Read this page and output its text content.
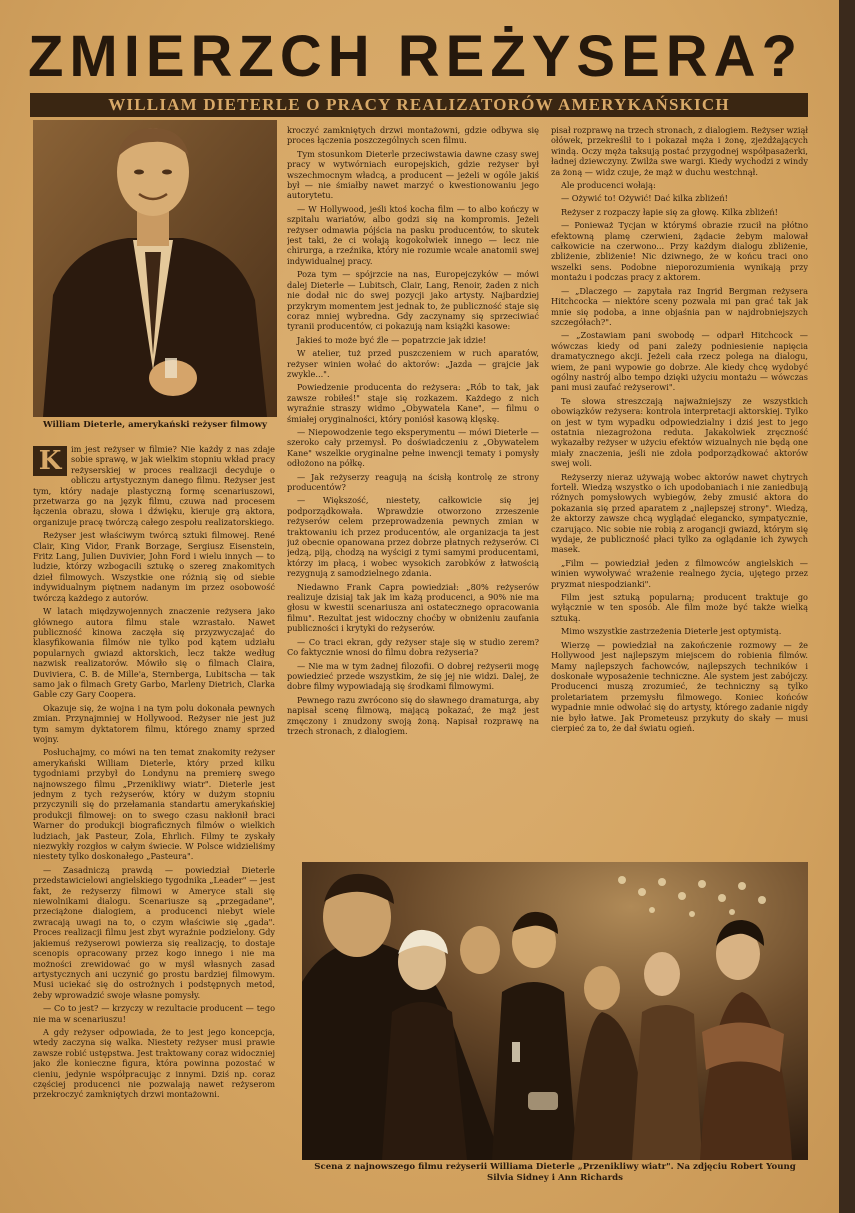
ZMIERZCH REŻYSERA?
WILLIAM DIETERLE O PRACY REALIZATORÓW AMERYKAŃSKICH
William Dieterle, amerykański reżyser filmowy
K	im jest reżyser w filmie? Nie każdy z nas zdaje sobie sprawę, w jak wielkim stopniu wkład pracy reżyserskiej w proces realizacji decyduje o obliczu artystycznym danego filmu. Reżyser jest tym, który nadaje plastyczną formę scenariuszowi, przetwarza go na język filmu, czuwa nad procesem łączenia obrazu, słowa i dźwięku, kieruje grą aktora, organizuje pracę twórczą całego zespołu realizatorskiego.

Reżyser jest właściwym twórcą sztuki filmowej. René Clair, King Vidor, Frank Borzage, Sergiusz Eisenstein, Fritz Lang, Julien Duvivier, John Ford i wielu innych — to ludzie, którzy wzbogacili sztukę o szereg znakomitych dzieł filmowych. Wszystkie one różnią się od siebie indywidualnym piętnem nadanym im przez osobowość twórczą każdego z autorów.

W latach międzywojennych znaczenie reżysera jako głównego autora filmu stale wzrastało. Nawet publiczność kinowa zaczęła się przyzwyczajać do klasyfikowania filmów nie tylko pod kątem udziału popularnych gwiazd aktorskich, lecz także według nazwisk realizatorów. Mówiło się o filmach Claira, Duviviera, C. B. de Mille'a, Sternberga, Lubitscha — tak samo jak o filmach Grety Garbo, Marleny Dietrich, Clarka Gable czy Gary Coopera.

Okazuje się, że wojna i na tym polu dokonała pewnych zmian. Przynajmniej w Hollywood. Reżyser nie jest już tym samym dyktatorem filmu, którego znamy sprzed wojny.

Posłuchajmy, co mówi na ten temat znakomity reżyser amerykański William Dieterle, który przed kilku tygodniami przybył do Londynu na premierę swego najnowszego filmu „Przenikliwy wiatr". Dieterle jest jednym z tych reżyserów, który w dużym stopniu przyczynili się do przełamania standartu amerykańskiej produkcji filmowej: on to swego czasu nakłonił braci Warner do produkcji biograficznych filmów o wielkich ludziach, jak Pasteur, Zola, Ehrlich. Filmy te zyskały niezwykły rozgłos w całym świecie. W Polsce widzieliśmy niestety tylko doskonałego „Pasteura".

— Zasadniczą prawdą — powiedział Dieterle przedstawicielowi angielskiego tygodnika „Leader" — jest fakt, że reżyserzy filmowi w Ameryce stali się niewolnikami dialogu. Scenariusze są „przegadane", przeciążone dialogiem, a producenci niebyt wiele zwracają uwagi na to, o czym właściwie się „gada". Proces realizacji filmu jest zbyt wyraźnie podzielony. Gdy jakiemuś reżyserowi powierza się realizację, to dostaje scenopis opracowany przez kogo innego i nie ma możności zrewidować go w myśl własnych zasad artystycznych ani uczynić go prostu bardziej filmowym. Musi uciekać się do ostrożnych i podstępnych metod, żeby wprowadzić swoje własne pomysły.

— Co to jest? — krzyczy w rezultacie producent — tego nie ma w scenariuszu!

A gdy reżyser odpowiada, że to jest jego koncepcja, wtedy zaczyna się walka. Niestety reżyser musi prawie zawsze robić ustępstwa. Jest traktowany coraz widoczniej jako źle konieczne figura, która powinna pozostać w cieniu, jedynie współpracując z innymi. Dziś np. coraz częściej producenci nie pozwalają nawet reżyserom przekroczyć zamkniętych drzwi montażowni.

kroczyć zamkniętych drzwi montażowni, gdzie odbywa się proces łączenia poszczególnych scen filmu.

Tym stosunkom Dieterle przeciwstawia dawne czasy swej pracy w wytwórniach europejskich, gdzie reżyser był wszechmocnym władcą, a producent — jeżeli w ogóle jakiś był — nie śmiałby nawet marzyć o kwestionowaniu jego autorytetu.

— W Hollywood, jeśli ktoś kocha film — to albo kończy w szpitalu wariatów, albo godzi się na kompromis. Jeżeli reżyser odmawia pójścia na pasku producentów, to skutek jest taki, że ci wołają kogokolwiek innego — lecz nie chirurga, a rzeźnika, który nie rozumie wcale anatomii swej indywidualnej pracy.

Poza tym — spójrzcie na nas, Europejczyków — mówi dalej Dieterle — Lubitsch, Clair, Lang, Renoir, żaden z nich nie dodał nic do swej pozycji jako artysty. Najbardziej przykrym momentem jest jednak to, że publiczność staje się coraz mniej wybredna. Gdy zaczynamy się sprzeciwiać tyranii producentów, ci pokazują nam książki kasowe:

Jakieś to może być źle — popatrzcie jak idzie!

W atelier, tuż przed puszczeniem w ruch aparatów, reżyser winien wołać do aktorów: „Jazda — grajcie jak zwykle...".

Powiedzenie producenta do reżysera: „Rób to tak, jak zawsze robiłeś!" staje się rozkazem. Każdego z nich wyraźnie straszy widmo „Obywatela Kane", — filmu o śmiałej oryginalności, który poniósł kasową klęskę.

— Niepowodzenie tego eksperymentu — mówi Dieterle — szeroko cały przemysł. Po doświadczeniu z „Obywatelem Kane" wszelkie oryginalne pełne inwencji tematy i pomysły odłożono na półkę.

— Jak reżyserzy reagują na ścisłą kontrolę ze strony producentów?

— Większość, niestety, całkowicie się jej podporządkowała. Wprawdzie otworzono zrzeszenie reżyserów celem przeprowadzenia pewnych zmian w traktowaniu ich przez producentów, ale organizacja ta jest już obecnie opanowana przez dobrze płatnych reżyserów. Ci jedzą, piją, chodzą na wyścigi z tymi samymi producentami, którzy im płacą, i wobec wysokich zarobków z łatwością rezygnują z samodzielnego zdania.

Niedawno Frank Capra powiedział: „80% reżyserów realizuje dzisiaj tak jak im każą producenci, a 90% nie ma głosu w kwestii scenariusza ani ostatecznego opracowania filmu". Rezultat jest widoczny choćby w obniżeniu zaufania publiczności i krytyki do reżyserów.

— Co traci ekran, gdy reżyser staje się w studio zerem? Co faktycznie wnosi do filmu dobra reżyseria?

— Nie ma w tym żadnej filozofii. O dobrej reżyserii mogę powiedzieć przede wszystkim, że się jej nie widzi. Dalej, że dobre filmy wypowiadają się środkami filmowymi.

Pewnego razu zwrócono się do sławnego dramaturga, aby napisał scenę filmową, mającą pokazać, że mąż jest zmęczony i znudzony swoją żoną. Napisał rozprawę na trzech stronach, z dialogiem.

pisał rozprawę na trzech stronach, z dialogiem. Reżyser wziął ołówek, przekreślił to i pokazał męża i żonę, zjeżdżających windą. Oczy męża taksują postać przygodnej współpasażerki, ładnej dziewczyny. Zwilża swe wargi. Kiedy wychodzi z windy za żoną — widz czuje, że mąż w duchu westchnął.

Ale producenci wołają:

— Ożywić to! Ożywić! Dać kilka zbliżeń!

Reżyser z rozpaczy łapie się za głowę. Kilka zbliżeń!

— Ponieważ Tycjan w którymś obrazie rzucił na płótno efektowną plamę czerwieni, żądacie żebym malował całkowicie na czerwono... Przy każdym dialogu zbliżenie, zbliżenie, zbliżenie! Nic dziwnego, że w końcu traci ono wszelki sens. Podobne nieporozumienia wynikają przy montażu i podczas pracy z aktorem.

— „Dlaczego — zapytała raz Ingrid Bergman reżysera Hitchcocka — niektóre sceny pozwala mi pan grać tak jak mnie się podoba, a inne objaśnia pan w najdrobniejszych szczegółach?".

— „Zostawiam pani swobodę — odparł Hitchcock — wówczas kiedy od pani zależy podniesienie napięcia dramatycznego akcji. Jeżeli cała rzecz polega na dialogu, wiem, że pani wypowie go dobrze. Ale kiedy chcę wydobyć ogólny nastrój albo tempo dzięki użyciu montażu — wówczas pani musi zaufać reżyserowi".

Te słowa streszczają najważniejszy ze wszystkich obowiązków reżysera: kontrola interpretacji aktorskiej. Tylko on jest w tym wypadku odpowiedzialny i dziś jest to jego ostatnia niezagrożona reduta. Jakakolwiek zręczność wykazałby reżyser w użyciu efektów wizualnych nie będą one miały znaczenia, jeśli nie zdoła podporządkować aktorów swej woli.

Reżyserzy nieraz używają wobec aktorów nawet chytrych fortelł. Wiedzą wszystko o ich upodobaniach i nie zaniedbują różnych pomysłowych wybiegów, żeby zmusić aktora do pokazania się przed aparatem z „najlepszej strony". Wiedzą, że aktorzy zawsze chcą wyglądać elegancko, sympatycznie, czarująco. Nic sobie nie robią z arogancji gwiazd, którym się wydaje, że publiczność płaci tylko za oglądanie ich żywych masek.

„Film — powiedział jeden z filmowców angielskich — winien wywoływać wrażenie realnego życia, ujętego przez pryzmat niespodzianki".

Film jest sztuką popularną; producent traktuje go wyłącznie w ten sposób. Ale film może być także wielką sztuką.

Mimo wszystkie zastrzeżenia Dieterle jest optymistą.

Wierzę — powiedział na zakończenie rozmowy — że Hollywood jest najlepszym miejscem do robienia filmów. Mamy najlepszych fachowców, najlepszych techników i doskonałe wyposażenie techniczne. Ale system jest zabójczy. Producenci muszą zrozumieć, że techniczny są tylko proletariatem przemysłu filmowego. Koniec końców wypadnie mnie odwołać się do artysty, którego zadanie nigdy nie było łatwe. Jak Prometeusz przykuty do skały — musi cierpieć za to, że dał światu ogień.

Scena z najnowszego filmu reżyserii Williama Dieterle „Przenikliwy wiatr". Na zdjęciu Robert Young Silvia Sidney i Ann Richards
